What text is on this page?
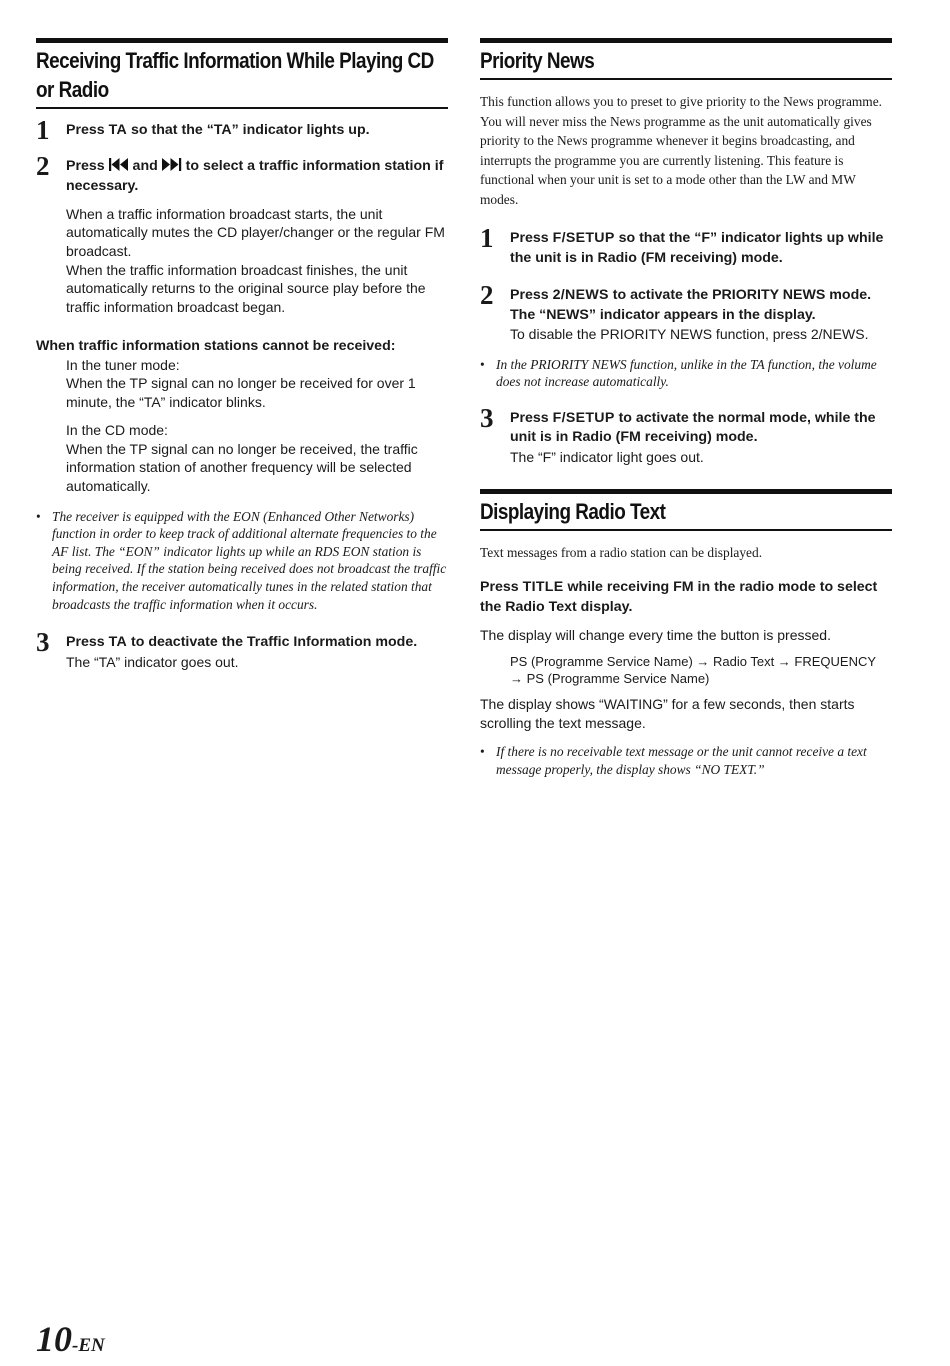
Receiving Traffic Information While Playing CD or Radio
1 Press TA so that the “TA” indicator lights up.

2 Press  and  to select a traffic information station if necessary.

When a traffic information broadcast starts, the unit automatically mutes the CD player/changer or the regular FM broadcast.

When the traffic information broadcast finishes, the unit automatically returns to the original source play before the traffic information broadcast began.

When traffic information stations cannot be received:

In the tuner mode:

When the TP signal can no longer be received for over 1 minute, the “TA” indicator blinks.

In the CD mode:

When the TP signal can no longer be received, the traffic information station of another frequency will be selected automatically.

• The receiver is equipped with the EON (Enhanced Other Networks) function in order to keep track of additional alternate frequencies to the AF list. The “EON” indicator lights up while an RDS EON station is being received. If the station being received does not broadcast the traffic information, the receiver automatically tunes in the related station that broadcasts the traffic information when it occurs.
3 Press TA to deactivate the Traffic Information mode.

The “TA” indicator goes out.

Priority News

This function allows you to preset to give priority to the News programme. You will never miss the News programme as the unit automatically gives priority to the News programme whenever it begins broadcasting, and interrupts the programme you are currently listening. This feature is functional when your unit is set to a mode other than the LW and MW modes.

1 Press F/SETUP so that the “F” indicator lights up while the unit is in Radio (FM receiving) mode.

2 Press 2/NEWS to activate the PRIORITY NEWS mode.

The “NEWS” indicator appears in the display.

To disable the PRIORITY NEWS function, press 2/NEWS.

• In the PRIORITY NEWS function, unlike in the TA function, the volume does not increase automatically.
3 Press F/SETUP to activate the normal mode, while the unit is in Radio (FM receiving) mode.

The “F” indicator light goes out.

Displaying Radio Text

Text messages from a radio station can be displayed.

Press TITLE while receiving FM in the radio mode to select the Radio Text display.

The display will change every time the button is pressed.

PS (Programme Service Name) → Radio Text → FREQUENCY
→ PS (Programme Service Name)

The display shows “WAITING” for a few seconds, then starts scrolling the text message.

• If there is no receivable text message or the unit cannot receive a text message properly, the display shows “NO TEXT.”
10-EN
